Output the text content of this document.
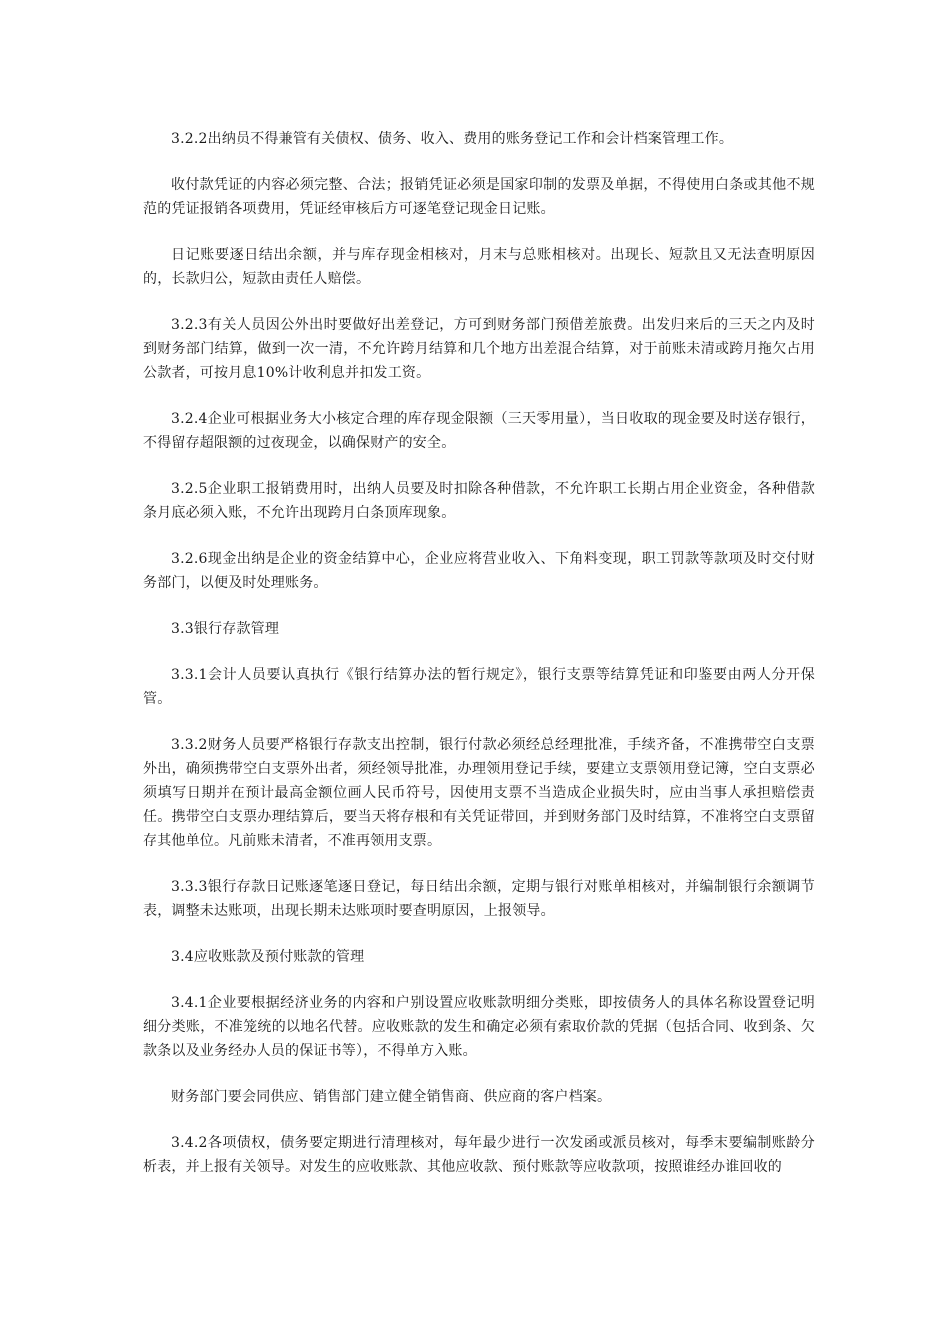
3.2.2出纳员不得兼管有关债权、债务、收入、费用的账务登记工作和会计档案管理工作。

收付款凭证的内容必须完整、合法；报销凭证必须是国家印制的发票及单据，不得使用白条或其他不规范的凭证报销各项费用，凭证经审核后方可逐笔登记现金日记账。

日记账要逐日结出余额，并与库存现金相核对，月末与总账相核对。出现长、短款且又无法查明原因的，长款归公，短款由责任人赔偿。

3.2.3有关人员因公外出时要做好出差登记，方可到财务部门预借差旅费。出发归来后的三天之内及时到财务部门结算，做到一次一清，不允许跨月结算和几个地方出差混合结算，对于前账未清或跨月拖欠占用公款者，可按月息10%计收利息并扣发工资。

3.2.4企业可根据业务大小核定合理的库存现金限额（三天零用量），当日收取的现金要及时送存银行，不得留存超限额的过夜现金，以确保财产的安全。

3.2.5企业职工报销费用时，出纳人员要及时扣除各种借款，不允许职工长期占用企业资金，各种借款条月底必须入账，不允许出现跨月白条顶库现象。

3.2.6现金出纳是企业的资金结算中心，企业应将营业收入、下角料变现，职工罚款等款项及时交付财务部门，以便及时处理账务。

3.3银行存款管理

3.3.1会计人员要认真执行《银行结算办法的暂行规定》，银行支票等结算凭证和印鉴要由两人分开保管。

3.3.2财务人员要严格银行存款支出控制，银行付款必须经总经理批准，手续齐备，不准携带空白支票外出，确须携带空白支票外出者，须经领导批准，办理领用登记手续，要建立支票领用登记簿，空白支票必须填写日期并在预计最高金额位画人民币符号，因使用支票不当造成企业损失时，应由当事人承担赔偿责任。携带空白支票办理结算后，要当天将存根和有关凭证带回，并到财务部门及时结算，不准将空白支票留存其他单位。凡前账未清者，不准再领用支票。

3.3.3银行存款日记账逐笔逐日登记，每日结出余额，定期与银行对账单相核对，并编制银行余额调节表，调整未达账项，出现长期未达账项时要查明原因，上报领导。

3.4应收账款及预付账款的管理

3.4.1企业要根据经济业务的内容和户别设置应收账款明细分类账，即按债务人的具体名称设置登记明细分类账，不准笼统的以地名代替。应收账款的发生和确定必须有索取价款的凭据（包括合同、收到条、欠款条以及业务经办人员的保证书等），不得单方入账。

财务部门要会同供应、销售部门建立健全销售商、供应商的客户档案。

3.4.2各项债权，债务要定期进行清理核对，每年最少进行一次发函或派员核对，每季末要编制账龄分析表，并上报有关领导。对发生的应收账款、其他应收款、预付账款等应收款项，按照谁经办谁回收的
